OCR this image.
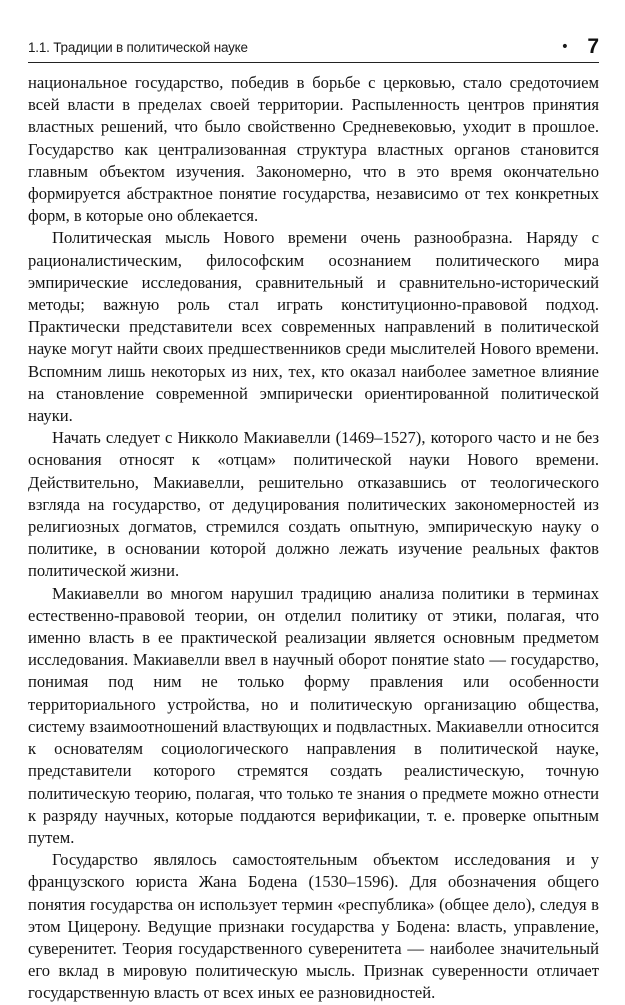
1.1. Традиции в политической науке	• 7

национальное государство, победив в борьбе с церковью, стало средоточием всей власти в пределах своей территории. Распыленность центров принятия властных решений, что было свойственно Средневековью, уходит в прошлое. Государство как централизованная структура властных органов становится главным объектом изучения. Закономерно, что в это время окончательно формируется абстрактное понятие государства, независимо от тех конкретных форм, в которые оно облекается.

Политическая мысль Нового времени очень разнообразна. Наряду с рационалистическим, философским осознанием политического мира эмпирические исследования, сравнительный и сравнительно-исторический методы; важную роль стал играть конституционно-правовой подход. Практически представители всех современных направлений в политической науке могут найти своих предшественников среди мыслителей Нового времени. Вспомним лишь некоторых из них, тех, кто оказал наиболее заметное влияние на становление современной эмпирически ориентированной политической науки.

Начать следует с Никколо Макиавелли (1469–1527), которого часто и не без основания относят к «отцам» политической науки Нового времени. Действительно, Макиавелли, решительно отказавшись от теологического взгляда на государство, от дедуцирования политических закономерностей из религиозных догматов, стремился создать опытную, эмпирическую науку о политике, в основании которой должно лежать изучение реальных фактов политической жизни.

Макиавелли во многом нарушил традицию анализа политики в терминах естественно-правовой теории, он отделил политику от этики, полагая, что именно власть в ее практической реализации является основным предметом исследования. Макиавелли ввел в научный оборот понятие stato — государство, понимая под ним не только форму правления или особенности территориального устройства, но и политическую организацию общества, систему взаимоотношений властвующих и подвластных. Макиавелли относится к основателям социологического направления в политической науке, представители которого стремятся создать реалистическую, точную политическую теорию, полагая, что только те знания о предмете можно отнести к разряду научных, которые поддаются верификации, т. е. проверке опытным путем.

Государство являлось самостоятельным объектом исследования и у французского юриста Жана Бодена (1530–1596). Для обозначения общего понятия государства он использует термин «республика» (общее дело), следуя в этом Цицерону. Ведущие признаки государства у Бодена: власть, управление, суверенитет. Теория государственного суверенитета — наиболее значительный его вклад в мировую политическую мысль. Признак суверенности отличает государственную власть от всех иных ее разновидностей.
